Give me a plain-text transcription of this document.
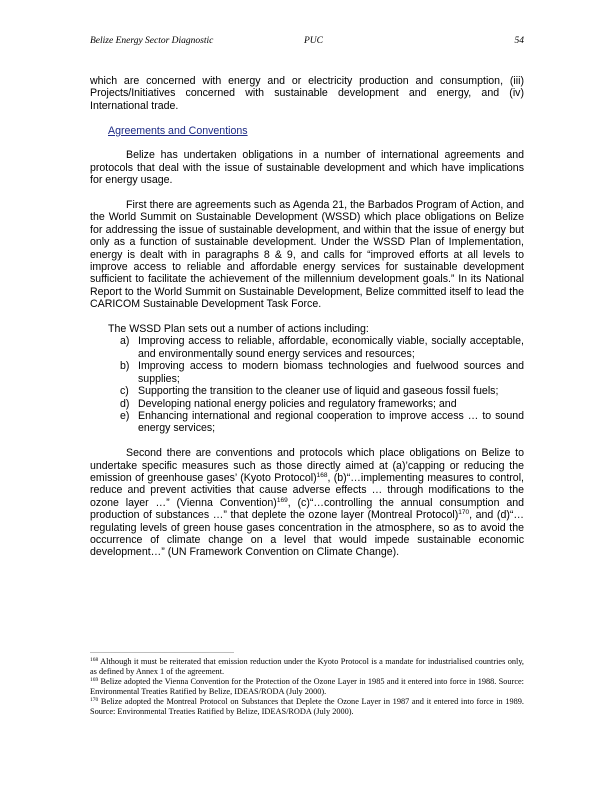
Belize Energy Sector Diagnostic	PUC	54

which are concerned with energy and or electricity production and consumption, (iii) Projects/Initiatives concerned with sustainable development and energy, and (iv) International trade.

Agreements and Conventions

Belize has undertaken obligations in a number of international agreements and protocols that deal with the issue of sustainable development and which have implications for energy usage.

First there are agreements such as Agenda 21, the Barbados Program of Action, and the World Summit on Sustainable Development (WSSD) which place obligations on Belize for addressing the issue of sustainable development, and within that the issue of energy but only as a function of sustainable development. Under the WSSD Plan of Implementation, energy is dealt with in paragraphs 8 & 9, and calls for “improved efforts at all levels to improve access to reliable and affordable energy services for sustainable development sufficient to facilitate the achievement of the millennium development goals.” In its National Report to the World Summit on Sustainable Development, Belize committed itself to lead the CARICOM Sustainable Development Task Force.

The WSSD Plan sets out a number of actions including:

a) Improving access to reliable, affordable, economically viable, socially acceptable, and environmentally sound energy services and resources;
b) Improving access to modern biomass technologies and fuelwood sources and supplies;
c) Supporting the transition to the cleaner use of liquid and gaseous fossil fuels;
d) Developing national energy policies and regulatory frameworks; and
e) Enhancing international and regional cooperation to improve access … to sound energy services;

Second there are conventions and protocols which place obligations on Belize to undertake specific measures such as those directly aimed at (a)’capping or reducing the emission of greenhouse gases’ (Kyoto Protocol)$^{168}$, (b)“…implementing measures to control, reduce and prevent activities that cause adverse effects … through modifications to the ozone layer …” (Vienna Convention)$^{169}$, (c)“…controlling the annual consumption and production of substances …” that deplete the ozone layer (Montreal Protocol)$^{170}$, and (d)“…regulating levels of green house gases concentration in the atmosphere, so as to avoid the occurrence of climate change on a level that would impede sustainable economic development…” (UN Framework Convention on Climate Change).

$^{168}$ Although it must be reiterated that emission reduction under the Kyoto Protocol is a mandate for industrialised countries only, as defined by Annex 1 of the agreement.

$^{169}$ Belize adopted the Vienna Convention for the Protection of the Ozone Layer in 1985 and it entered into force in 1988. Source: Environmental Treaties Ratified by Belize, IDEAS/RODA (July 2000).

$^{170}$ Belize adopted the Montreal Protocol on Substances that Deplete the Ozone Layer in 1987 and it entered into force in 1989. Source: Environmental Treaties Ratified by Belize, IDEAS/RODA (July 2000).
